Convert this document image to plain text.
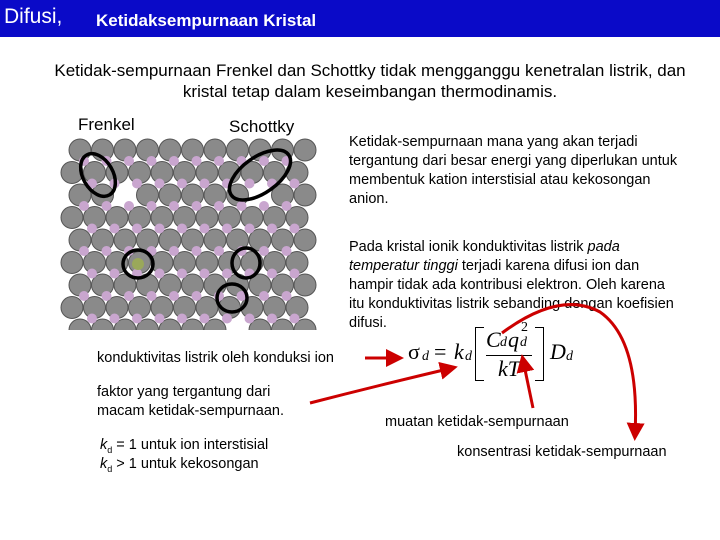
Difusi, Ketidaksempurnaan Kristal
Ketidak-sempurnaan Frenkel dan Schottky tidak mengganggu kenetralan listrik, dan kristal tetap dalam keseimbangan thermodinamis.
Frenkel	Schottky
Ketidak-sempurnaan mana yang akan terjadi tergantung dari besar energi yang diperlukan untuk membentuk kation interstisial atau kekosongan anion.
Pada kristal ionik konduktivitas listrik pada temperatur tinggi terjadi karena difusi ion dan hampir tidak ada kontribusi elektron. Oleh karena itu konduktivitas listrik sebanding dengan koefisien difusi.
konduktivitas listrik oleh konduksi ion
faktor yang tergantung dari macam ketidak-sempurnaan.
$k_d = 1$ untuk ion interstisial
$k_d > 1$ untuk kekosongan
muatan ketidak-sempurnaan
konsentrasi ketidak-sempurnaan
σ d = k d
C d q 2
d
kT
D d
